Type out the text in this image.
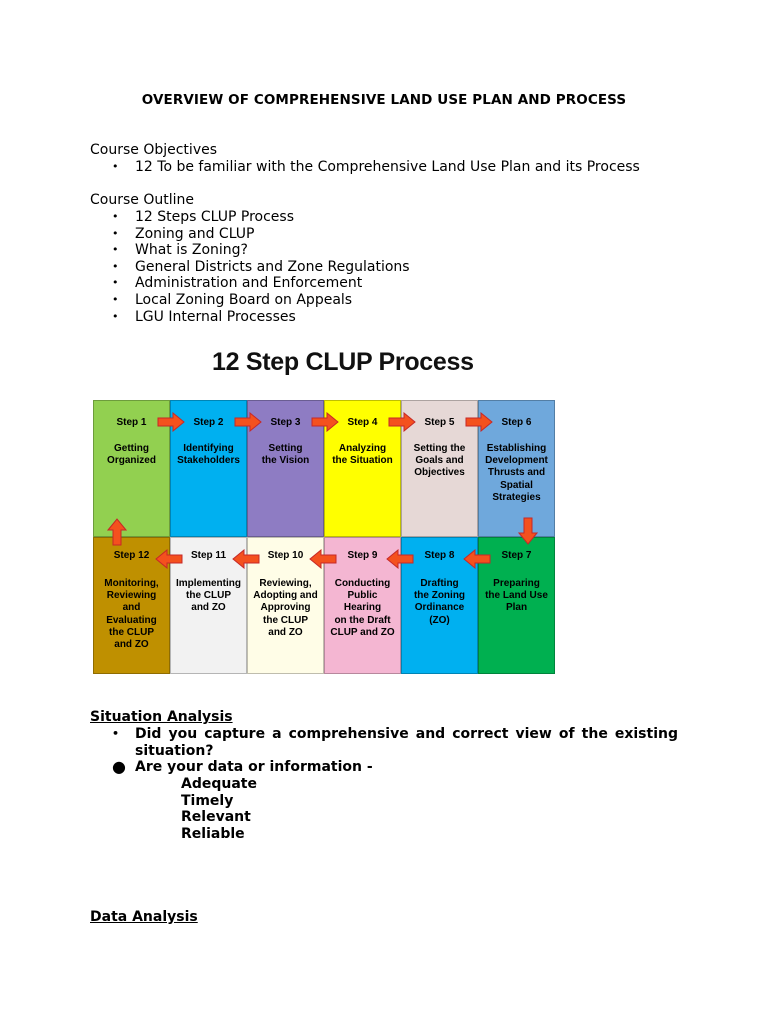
OVERVIEW OF COMPREHENSIVE LAND USE PLAN AND PROCESS
Course Objectives
• 12 To be familiar with the Comprehensive Land Use Plan and its Process
Course Outline
• 12 Steps CLUP Process
• Zoning and CLUP
• What is Zoning?
• General Districts and Zone Regulations
• Administration and Enforcement
• Local Zoning Board on Appeals
• LGU Internal Processes
12 Step CLUP Process
Step 1
Getting
Organized
Step 2
Identifying
Stakeholders
Step 3
Setting
the Vision
Step 4
Analyzing
the Situation
Step 5
Setting the
Goals and
Objectives
Step 6
Establishing
Development
Thrusts and
Spatial
Strategies
Step 12
Monitoring,
Reviewing
and
Evaluating
the CLUP
and ZO
Step 11
Implementing
the CLUP
and ZO
Step 10
Reviewing,
Adopting and
Approving
the CLUP
and ZO
Step 9
Conducting
Public
Hearing
on the Draft
CLUP and ZO
Step 8
Drafting
the Zoning
Ordinance
(ZO)
Step 7
Preparing
the Land Use
Plan
Situation Analysis
• Did you capture a comprehensive and correct view of the existing situation?
● Are your data or information -
Adequate
Timely
Relevant
Reliable
Data Analysis
